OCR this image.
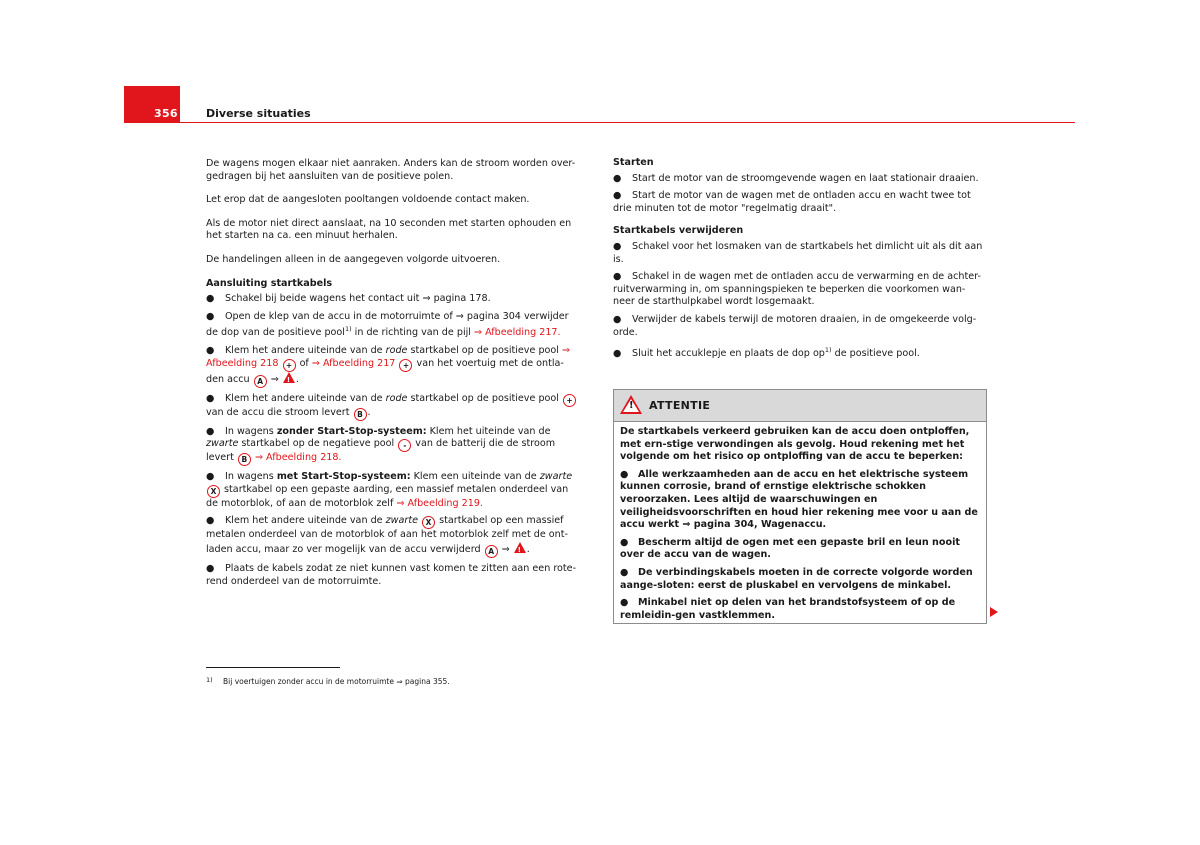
356	Diverse situaties

De wagens mogen elkaar niet aanraken. Anders kan de stroom worden over-gedragen bij het aansluiten van de positieve polen.

Let erop dat de aangesloten pooltangen voldoende contact maken.

Als de motor niet direct aanslaat, na 10 seconden met starten ophouden en het starten na ca. een minuut herhalen.

De handelingen alleen in de aangegeven volgorde uitvoeren.

Aansluiting startkabels
● Schakel bij beide wagens het contact uit ⇒ pagina 178.
● Open de klep van de accu in de motorruimte of ⇒ pagina 304 verwijder de dop van de positieve pool$^{1)}$ in de richting van de pijl ⇒ Afbeelding 217.
● Klem het andere uiteinde van de rode startkabel op de positieve pool ⇒ Afbeelding 218 + of ⇒ Afbeelding 217 + van het voertuig met de ontla-den accu A ⇒ !.
● Klem het andere uiteinde van de rode startkabel op de positieve pool + van de accu die stroom levert B .
● In wagens zonder Start-Stop-systeem: Klem het uiteinde van de zwarte startkabel op de negatieve pool - van de batterij die de stroom levert B ⇒ Afbeelding 218.
● In wagens met Start-Stop-systeem: Klem een uiteinde van de zwarte X startkabel op een gepaste aarding, een massief metalen onderdeel van de motorblok, of aan de motorblok zelf ⇒ Afbeelding 219.
● Klem het andere uiteinde van de zwarte X startkabel op een massief metalen onderdeel van de motorblok of aan het motorblok zelf met de ont-laden accu, maar zo ver mogelijk van de accu verwijderd A ⇒ !.
● Plaats de kabels zodat ze niet kunnen vast komen te zitten aan een rote-rend onderdeel van de motorruimte.
Starten
● Start de motor van de stroomgevende wagen en laat stationair draaien.
● Start de motor van de wagen met de ontladen accu en wacht twee tot drie minuten tot de motor "regelmatig draait".
Startkabels verwijderen
● Schakel voor het losmaken van de startkabels het dimlicht uit als dit aan is.
● Schakel in de wagen met de ontladen accu de verwarming en de achter-ruitverwarming in, om spanningspieken te beperken die voorkomen wan-neer de starthulpkabel wordt losgemaakt.
● Verwijder de kabels terwijl de motoren draaien, in de omgekeerde volg-orde.
● Sluit het accuklepje en plaats de dop $op^{1)}$ de positieve pool.
!
ATTENTIE

De startkabels verkeerd gebruiken kan de accu doen ontploffen, met ern-stige verwondingen als gevolg. Houd rekening met het volgende om het risico op ontploffing van de accu te beperken:

● Alle werkzaamheden aan de accu en het elektrische systeem kunnen corrosie, brand of ernstige elektrische schokken veroorzaken. Lees altijd de waarschuwingen en veiligheidsvoorschriften en houd hier rekening mee voor u aan de accu werkt ⇒ pagina 304, Wagenaccu.

● Bescherm altijd de ogen met een gepaste bril en leun nooit over de accu van de wagen.

● De verbindingskabels moeten in de correcte volgorde worden aange-sloten: eerst de pluskabel en vervolgens de minkabel.

● Minkabel niet op delen van het brandstofsysteem of op de remleidin-gen vastklemmen.

1) Bij voertuigen zonder accu in de motorruimte ⇒ pagina 355.
